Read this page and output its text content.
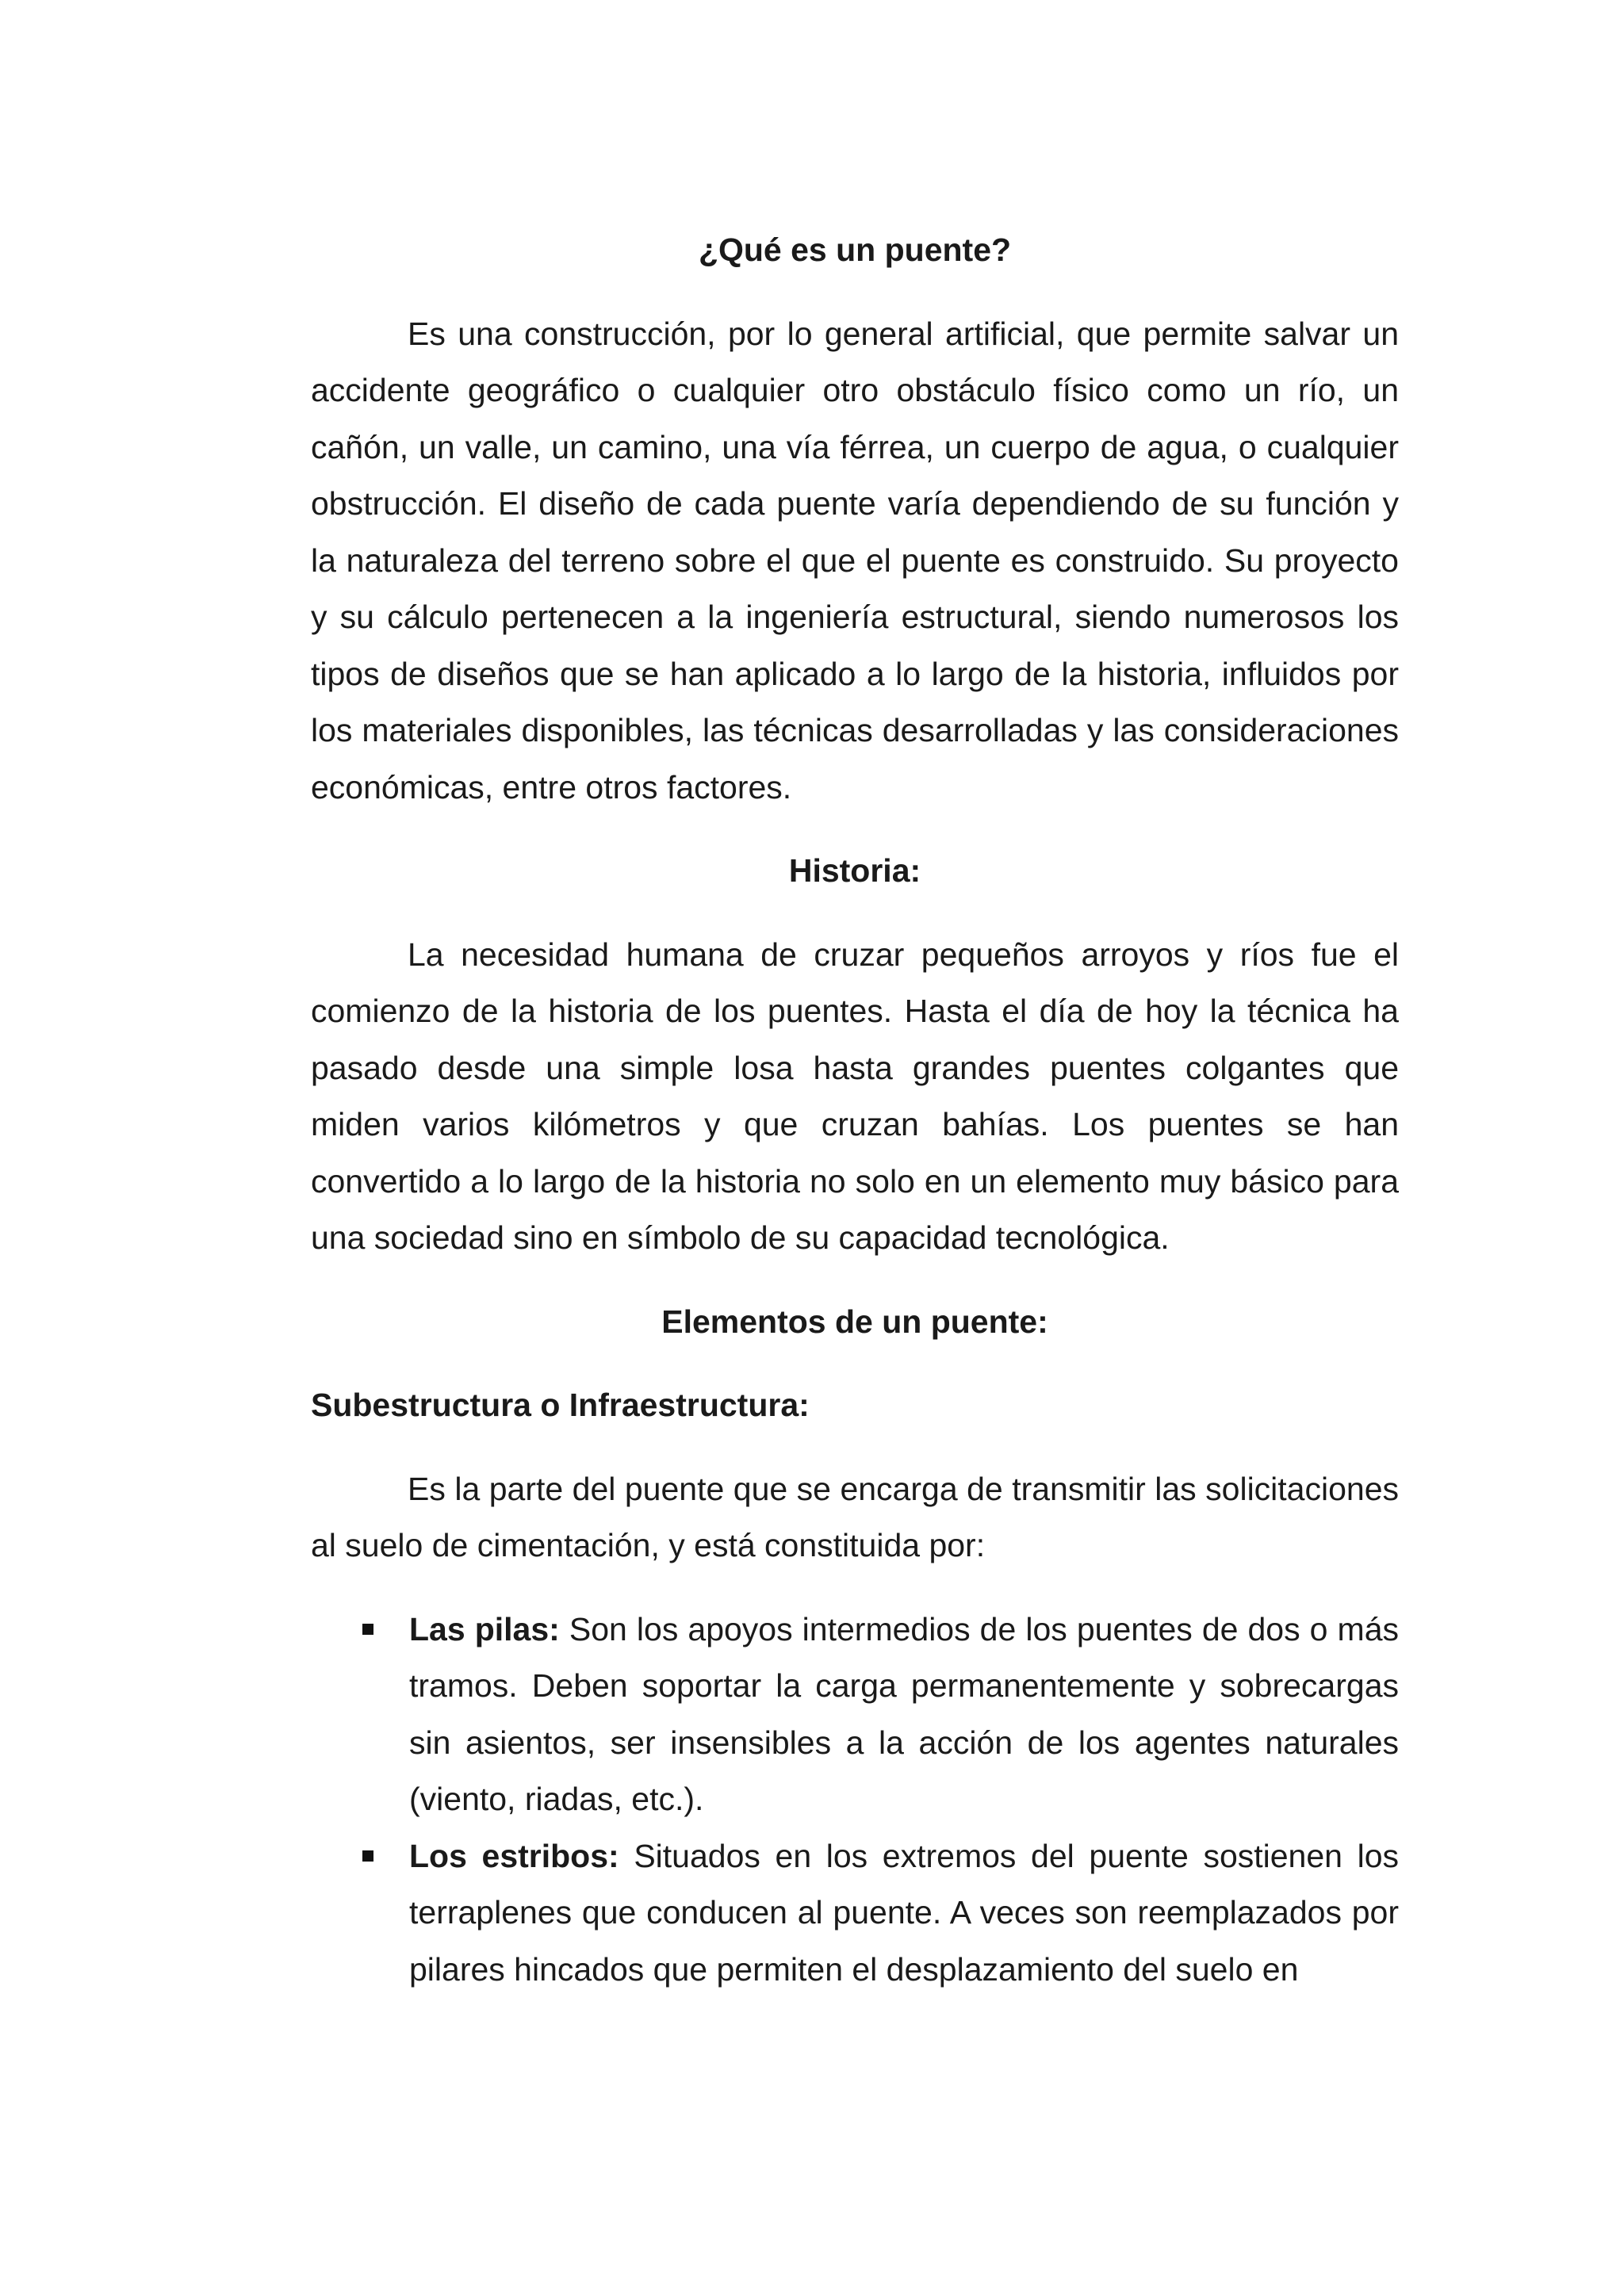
¿Qué es un puente?

Es una construcción, por lo general artificial, que permite salvar un accidente geográfico o cualquier otro obstáculo físico como un río, un cañón, un valle, un camino, una vía férrea, un cuerpo de agua, o cualquier obstrucción. El diseño de cada puente varía dependiendo de su función y la naturaleza del terreno sobre el que el puente es construido. Su proyecto y su cálculo pertenecen a la ingeniería estructural, siendo numerosos los tipos de diseños que se han aplicado a lo largo de la historia, influidos por los materiales disponibles, las técnicas desarrolladas y las consideraciones económicas, entre otros factores.

Historia:

La necesidad humana de cruzar pequeños arroyos y ríos fue el comienzo de la historia de los puentes. Hasta el día de hoy la técnica ha pasado desde una simple losa hasta grandes puentes colgantes que miden varios kilómetros y que cruzan bahías. Los puentes se han convertido a lo largo de la historia no solo en un elemento muy básico para una sociedad sino en símbolo de su capacidad tecnológica.

Elementos de un puente:
Subestructura o Infraestructura:

Es la parte del puente que se encarga de transmitir las solicitaciones al suelo de cimentación, y está constituida por:

Las pilas: Son los apoyos intermedios de los puentes de dos o más tramos. Deben soportar la carga permanentemente y sobrecargas sin asientos, ser insensibles a la acción de los agentes naturales (viento, riadas, etc.).
Los estribos: Situados en los extremos del puente sostienen los terraplenes que conducen al puente. A veces son reemplazados por pilares hincados que permiten el desplazamiento del suelo en
